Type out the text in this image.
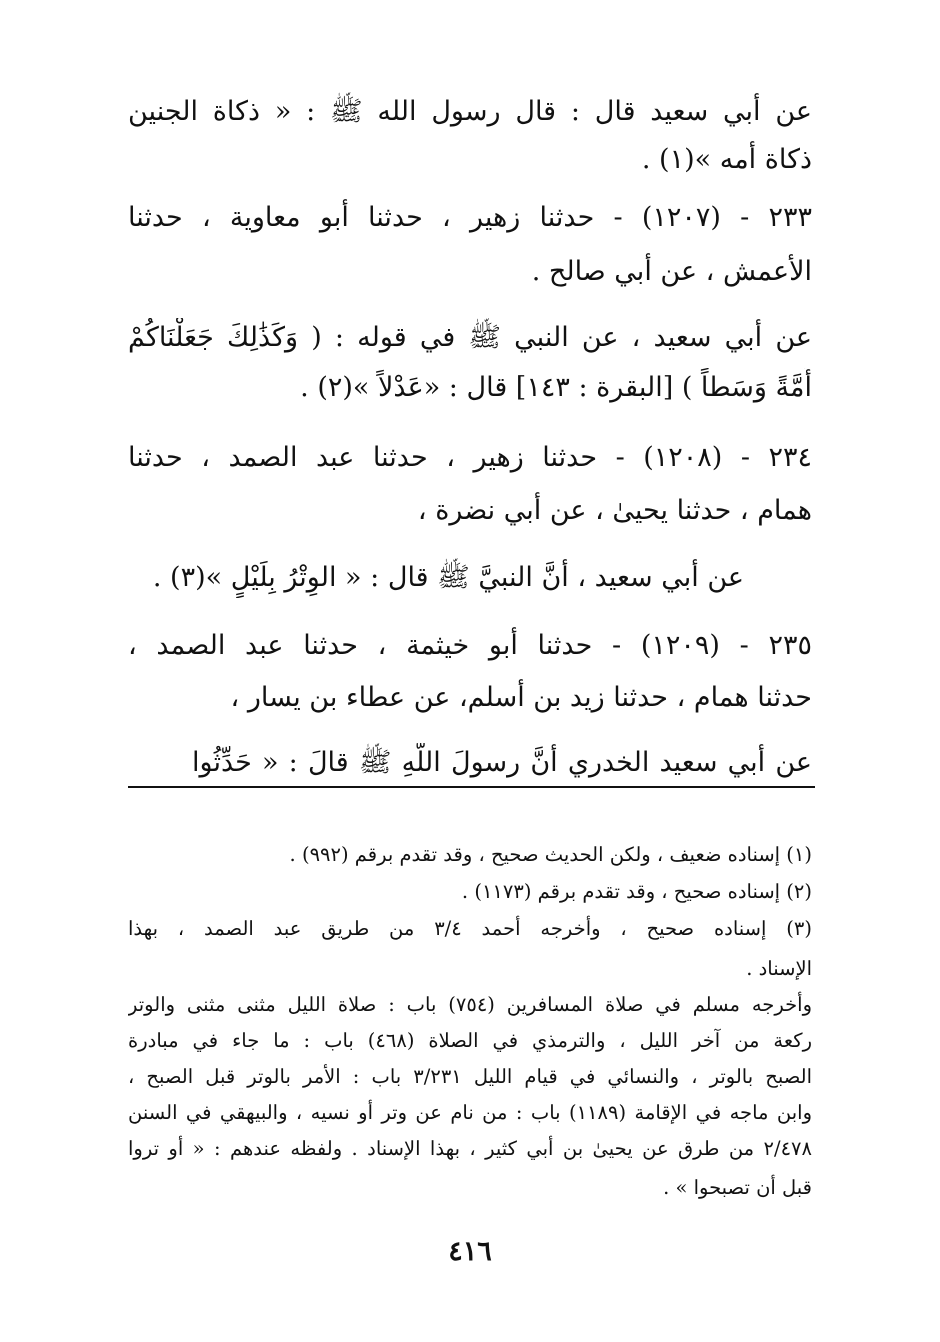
عن أبي سعيد قال : قال رسول الله ﷺ : « ذكاة الجنين
ذكاة أمه »(١) .
٢٣٣ - (١٢٠٧) - حدثنا زهير ، حدثنا أبو معاوية ، حدثنا
الأعمش ، عن أبي صالح .
عن أبي سعيد ، عن النبي ﷺ في قوله : ( وَكَذَٰلِكَ جَعَلْنَاكُمْ
أُمَّةً وَسَطاً ) [البقرة : ١٤٣] قال : «عَدْلاً »(٢) .
٢٣٤ - (١٢٠٨) - حدثنا زهير ، حدثنا عبد الصمد ، حدثنا
همام ، حدثنا يحيىٰ ، عن أبي نضرة ،
عن أبي سعيد ، أنَّ النبيَّ ﷺ قال : « الوِتْرُ بِلَيْلٍ »(٣) .
٢٣٥ - (١٢٠٩) - حدثنا أبو خيثمة ، حدثنا عبد الصمد ،
حدثنا همام ، حدثنا زيد بن أسلم، عن عطاء بن يسار ،
عن أبي سعيد الخدري أنَّ رسولَ اللَّهِ ﷺ قالَ : « حَدِّثُوا
(١) إسناده ضعيف ، ولكن الحديث صحيح ، وقد تقدم برقم (٩٩٢) .
(٢) إسناده صحيح ، وقد تقدم برقم (١١٧٣) .
(٣) إسناده صحيح ، وأخرجه أحمد ٣/٤ من طريق عبد الصمد ، بهذا
الإسناد .
وأخرجه مسلم في صلاة المسافرين (٧٥٤) باب : صلاة الليل مثنى مثنى والوتر
ركعة من آخر الليل ، والترمذي في الصلاة (٤٦٨) باب : ما جاء في مبادرة
الصبح بالوتر ، والنسائي في قيام الليل ٣/٢٣١ باب : الأمر بالوتر قبل الصبح ،
وابن ماجه في الإقامة (١١٨٩) باب : من نام عن وتر أو نسيه ، والبيهقي في السنن
٢/٤٧٨ من طرق عن يحيىٰ بن أبي كثير ، بهذا الإسناد . ولفظه عندهم : « أو تروا
قبل أن تصبحوا » .
٤١٦
